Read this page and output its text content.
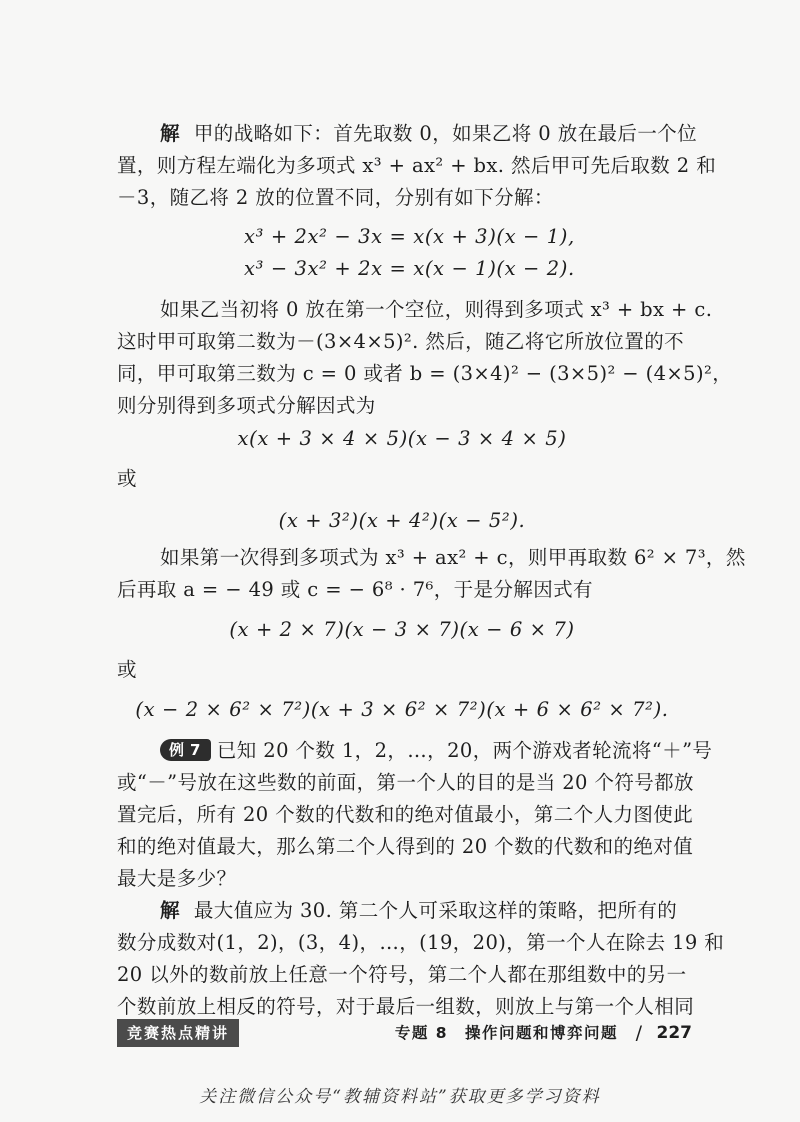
解 甲的战略如下：首先取数 0，如果乙将 0 放在最后一个位
置，则方程左端化为多项式 x³ + ax² + bx. 然后甲可先后取数 2 和
－3，随乙将 2 放的位置不同，分别有如下分解：
x³ + 2x² − 3x = x(x + 3)(x − 1),
x³ − 3x² + 2x = x(x − 1)(x − 2).
如果乙当初将 0 放在第一个空位，则得到多项式 x³ + bx + c.
这时甲可取第二数为－(3×4×5)². 然后，随乙将它所放位置的不
同，甲可取第三数为 c = 0 或者 b = (3×4)² − (3×5)² − (4×5)²，
则分别得到多项式分解因式为
x(x + 3 × 4 × 5)(x − 3 × 4 × 5)
或
(x + 3²)(x + 4²)(x − 5²).
如果第一次得到多项式为 x³ + ax² + c，则甲再取数 6² × 7³，然
后再取 a = − 49 或 c = − 6⁸ · 7⁶，于是分解因式有
(x + 2 × 7)(x − 3 × 7)(x − 6 × 7)
或
(x − 2 × 6² × 7²)(x + 3 × 6² × 7²)(x + 6 × 6² × 7²).
例 7 已知 20 个数 1，2，…，20，两个游戏者轮流将“＋”号
或“－”号放在这些数的前面，第一个人的目的是当 20 个符号都放
置完后，所有 20 个数的代数和的绝对值最小，第二个人力图使此
和的绝对值最大，那么第二个人得到的 20 个数的代数和的绝对值
最大是多少？
解 最大值应为 30. 第二个人可采取这样的策略，把所有的
数分成数对(1，2)，(3，4)，…，(19，20)，第一个人在除去 19 和
20 以外的数前放上任意一个符号，第二个人都在那组数中的另一
个数前放上相反的符号，对于最后一组数，则放上与第一个人相同
竞赛热点精讲	专题 8　操作问题和博弈问题 / 227
关注微信公众号“教辅资料站”获取更多学习资料
